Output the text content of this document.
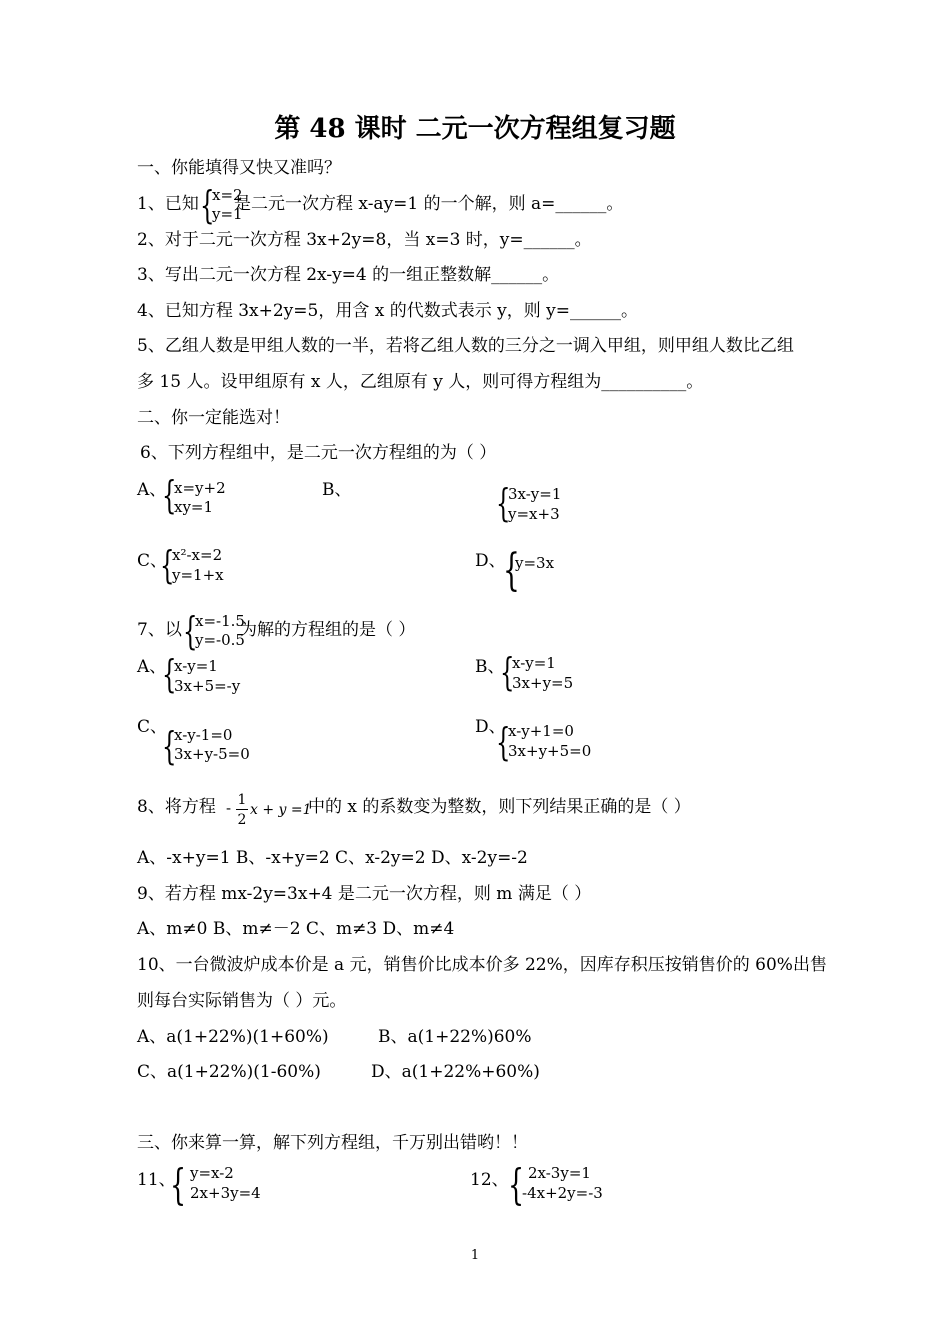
第 48 课时 二元一次方程组复习题
一、你能填得又快又准吗？
1、已知 {
x=2
y=1
是二元一次方程 x-ay=1 的一个解，则 a=______。
2、对于二元一次方程 3x+2y=8，当 x=3 时，y=______。
3、写出二元一次方程 2x-y=4 的一组正整数解______。
4、已知方程 3x+2y=5，用含 x 的代数式表示 y，则 y=______。
5、乙组人数是甲组人数的一半，若将乙组人数的三分之一调入甲组，则甲组人数比乙组
多 15 人。设甲组原有 x 人，乙组原有 y 人，则可得方程组为__________。
二、你一定能选对！
6、下列方程组中，是二元一次方程组的为（ ）
A、
{
x=y+2
xy=1
B、	{
3x-y=1
y=x+3
C、
{
x²-x=2
y=1+x
D、
{
y=3x
7、以 {
x=-1.5
y=-0.5
为解的方程组的是（ ）
A、
{
x-y=1
3x+5=-y
B、
{
x-y=1
3x+y=5
C、
{
x-y-1=0
3x+y-5=0
D、
{
x-y+1=0
3x+y+5=0
8、将方程 - 1
2
x + y =1
中的 x 的系数变为整数，则下列结果正确的是（ ）
A、-x+y=1 B、-x+y=2 C、x-2y=2 D、x-2y=-2
9、若方程 mx-2y=3x+4 是二元一次方程，则 m 满足（ ）
A、m≠0 B、m≠－2 C、m≠3 D、m≠4
10、一台微波炉成本价是 a 元，销售价比成本价多 22%，因库存积压按销售价的 60%出售
则每台实际销售为（ ）元。
A、a(1+22%)(1+60%)	B、a(1+22%)60%
C、a(1+22%)(1-60%)	D、a(1+22%+60%)
三、你来算一算，解下列方程组，千万别出错哟！！
11、
{ y=x-2
2x+3y=4
12、 { 2x-3y=1
-4x+2y=-3
1
